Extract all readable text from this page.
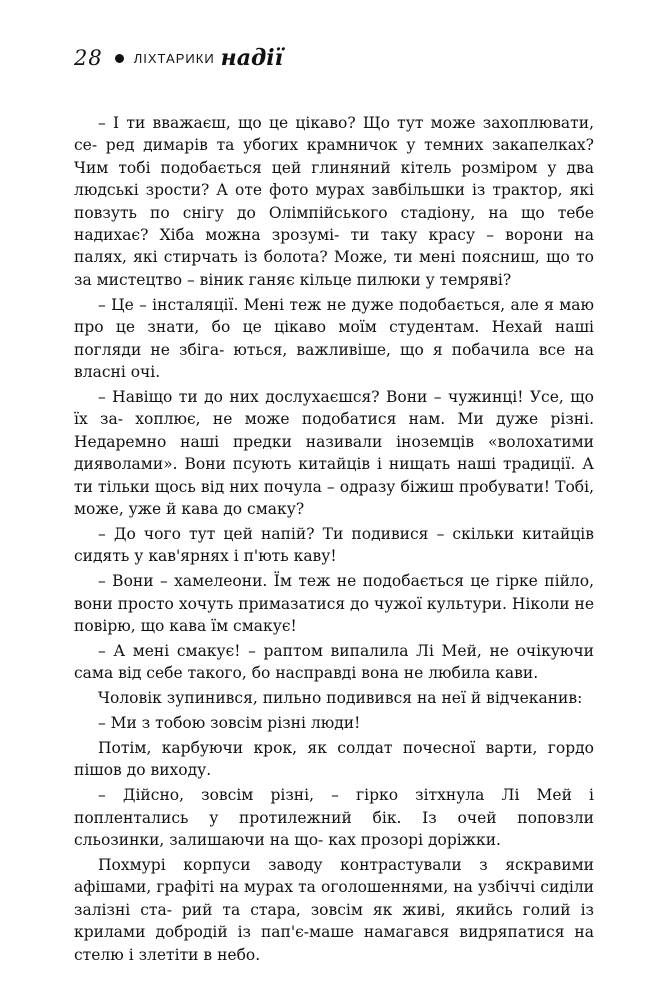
28 ЛІХТАРИКИ надії

– І ти вважаєш, що це цікаво? Що тут може захоплювати, се- ред димарів та убогих крамничок у темних закапелках? Чим тобі подобається цей глиняний кітель розміром у два людські зрости? А оте фото мурах завбільшки із трактор, які повзуть по снігу до Олімпійського стадіону, на що тебе надихає? Хіба можна зрозумі- ти таку красу – ворони на палях, які стирчать із болота? Може, ти мені поясниш, що то за мистецтво – віник ганяє кільце пилюки у темряві?

– Це – інсталяції. Мені теж не дуже подобається, але я маю про це знати, бо це цікаво моїм студентам. Нехай наші погляди не збіга- ються, важливіше, що я побачила все на власні очі.

– Навіщо ти до них дослухаєшся? Вони – чужинці! Усе, що їх за- хоплює, не може подобатися нам. Ми дуже різні. Недаремно наші предки називали іноземців «волохатими дияволами». Вони псують китайців і нищать наші традиції. А ти тільки щось від них почула – одразу біжиш пробувати! Тобі, може, уже й кава до смаку?

– До чого тут цей напій? Ти подивися – скільки китайців сидять у кав'ярнях і п'ють каву!

– Вони – хамелеони. Їм теж не подобається це гірке пійло, вони просто хочуть примазатися до чужої культури. Ніколи не повірю, що кава їм смакує!

– А мені смакує! – раптом випалила Лі Мей, не очікуючи сама від себе такого, бо насправді вона не любила кави.

Чоловік зупинився, пильно подивився на неї й відчеканив:

– Ми з тобою зовсім різні люди!

Потім, карбуючи крок, як солдат почесної варти, гордо пішов до виходу.

– Дійсно, зовсім різні, – гірко зітхнула Лі Мей і поплентались у протилежний бік. Із очей поповзли сльозинки, залишаючи на що- ках прозорі доріжки.

Похмурі корпуси заводу контрастували з яскравими афішами, графіті на мурах та оголошеннями, на узбіччі сиділи залізні ста- рий та стара, зовсім як живі, якийсь голий із крилами добродій із пап'є-маше намагався видряпатися на стелю і злетіти в небо.
